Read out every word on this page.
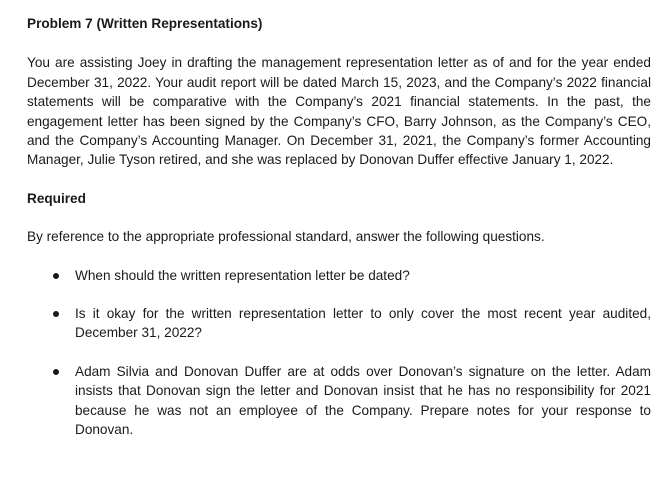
Problem 7 (Written Representations)

You are assisting Joey in drafting the management representation letter as of and for the year ended December 31, 2022. Your audit report will be dated March 15, 2023, and the Company’s 2022 financial statements will be comparative with the Company’s 2021 financial statements. In the past, the engagement letter has been signed by the Company’s CFO, Barry Johnson, as the Company’s CEO, and the Company’s Accounting Manager. On December 31, 2021, the Company’s former Accounting Manager, Julie Tyson retired, and she was replaced by Donovan Duffer effective January 1, 2022.

Required

By reference to the appropriate professional standard, answer the following questions.

When should the written representation letter be dated?
Is it okay for the written representation letter to only cover the most recent year audited, December 31, 2022?
Adam Silvia and Donovan Duffer are at odds over Donovan’s signature on the letter. Adam insists that Donovan sign the letter and Donovan insist that he has no responsibility for 2021 because he was not an employee of the Company. Prepare notes for your response to Donovan.
